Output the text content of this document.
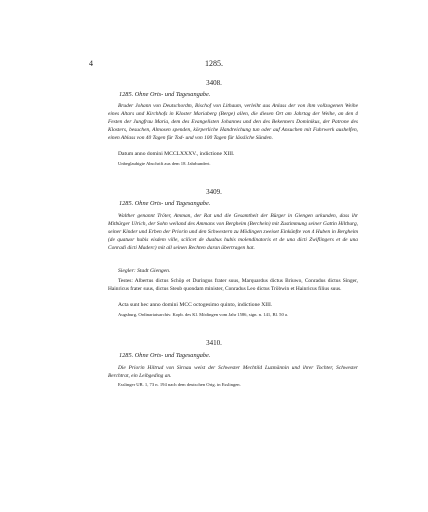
4	1285.
3408.
1285. Ohne Orts- und Tagesangabe.
Bruder Johann von Deutschordm, Bischof von Lithaum, verleiht aus Anlass der von ihm vollzogenen Weihe eines Altars und Kirchhofs in Kloster Mariaberg (Berge) allen, die diesen Ort am Jahrtag der Weihe, an den 4 Festen der Jungfrau Maria, dem des Evangelisten Johannes und den des Bekenners Dominikus, der Patrone des Klosters, besuchen, Almosen spenden, körperliche Handreichung tun oder auf Ansuchen mit Fuhrwerk aushelfen, einen Ablass von 40 Tagen für Tod- und von 100 Tagen für lässliche Sünden.
Datum anno domini MCCLXXXV., indictione XIII.
Unbeglaubigte Abschrift aus dem 18. Jahrhundert.
3409.
1285. Ohne Orts- und Tagesangabe.
Walther genannt Tröter, Amman, der Rat und die Gesamtheit der Bürger in Giengen urkunden, dass ihr Mitbürger Ulrich, der Sohn weiland des Ammans von Bergheim (Berchein) mit Zustimmung seiner Gattin Hiltburg, seiner Kinder und Erben der Priorin und den Schwestern zu Mödingen zweiset Einkünfte von 4 Huben in Bergheim (de quatuor hubis eisdem ville, scilicet de duabus hubis molendinatoris et de una dicti Zwiflingers et de una Conradi dicti Maderc) mit all seinen Rechten daran übertragen hat.
Siegler: Stadt Giengen.
Testes: Albertus dictus Schöp et Duringus frater suus, Marquardus dictus Briuwo, Conradus dictus Singer, Hainricus frater suus, dictus Steub quondam minister, Conradus Leo dictus Tröbwin et Hainricus filius suus.
Acta sunt hec anno domini MCC octogesimo quinto, indictione XIII.
Augsburg, Ordinariatsarchiv. Kopb. des Kl. Mödingen vom Jahr 1586, sign. n. 141, Bl. 50 a.
3410.
1285. Ohne Orts- und Tagesangabe.
Die Priorin Hiltrud von Sirnau weist der Schwester Mechtild Luzmännin und ihrer Tochter, Schwester Berchtrat, ein Leibgeding an.
Esslinger UB. 1, 73 n. 194 nach dem deutschen Orig. in Esslingen.
